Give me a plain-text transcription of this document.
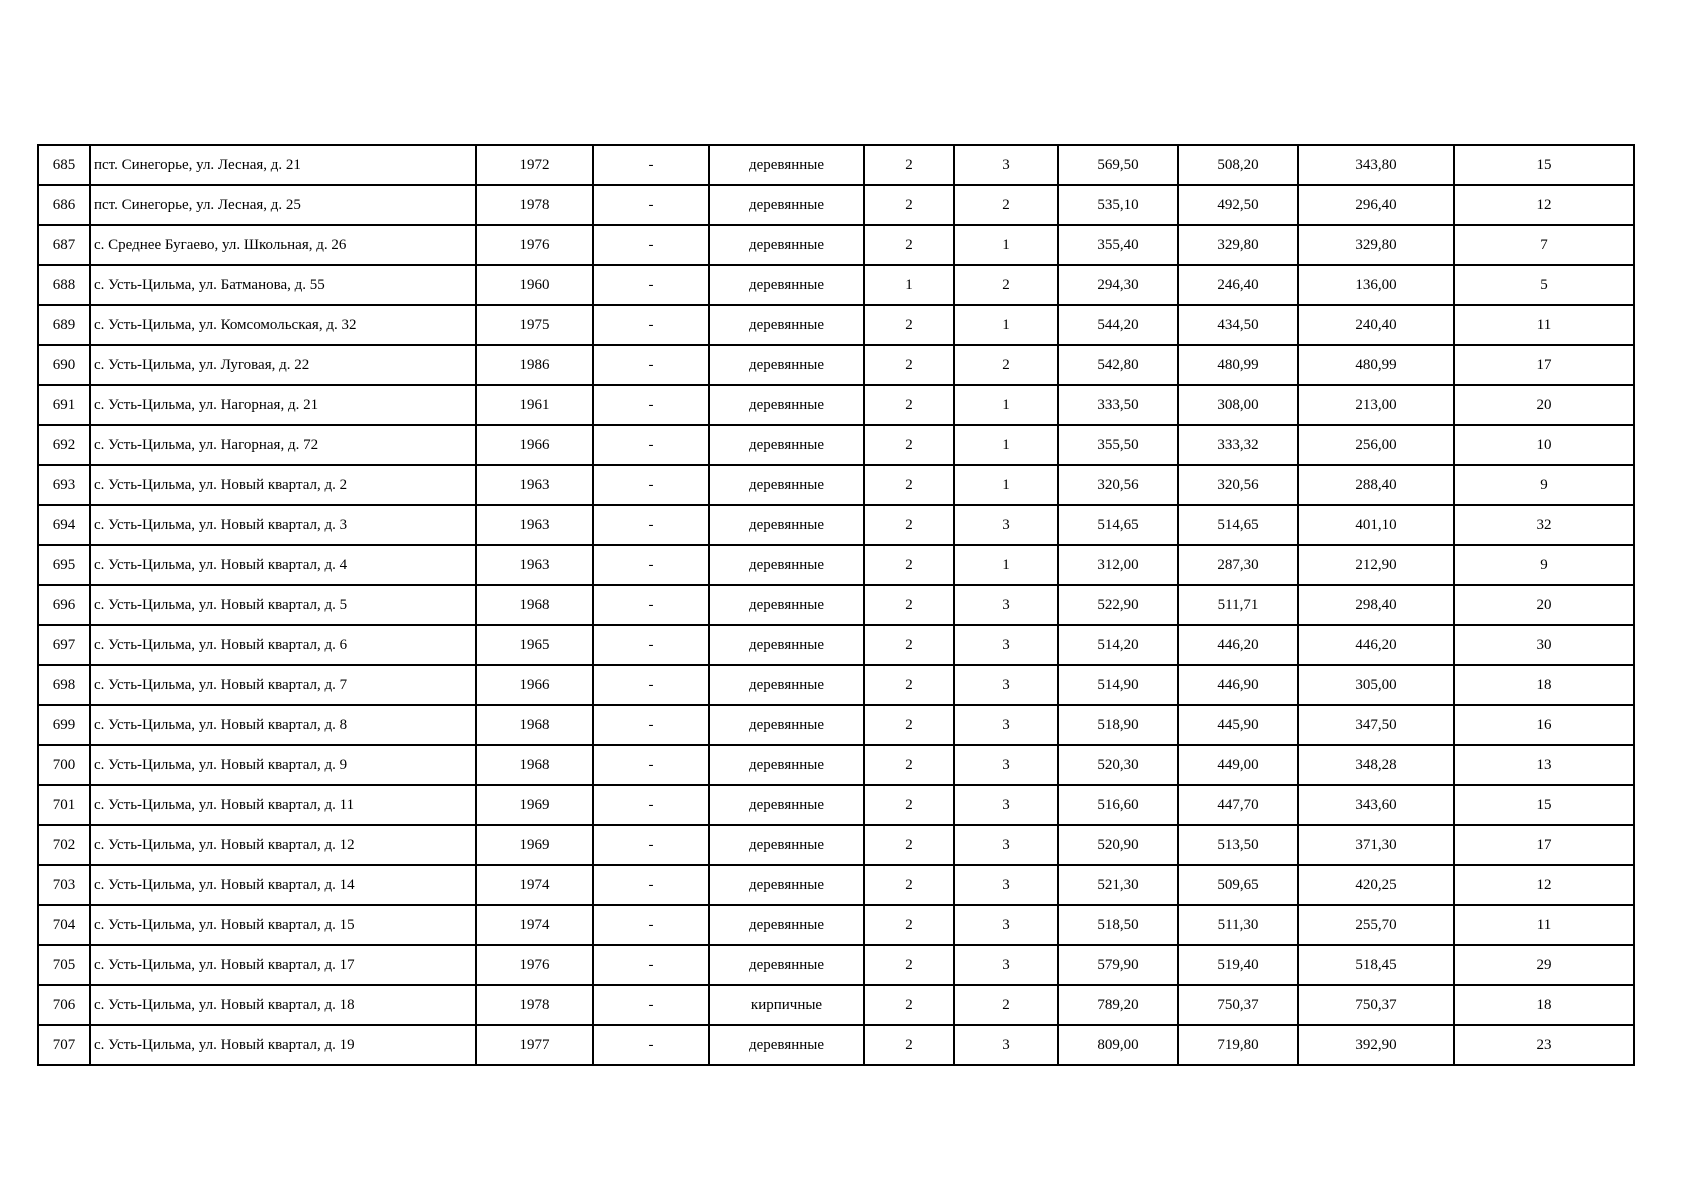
685	пст. Синегорье, ул. Лесная, д. 21	1972	-	деревянные	2	3	569,50	508,20	343,80	15
686	пст. Синегорье, ул. Лесная, д. 25	1978	-	деревянные	2	2	535,10	492,50	296,40	12
687	с. Среднее Бугаево, ул. Школьная, д. 26	1976	-	деревянные	2	1	355,40	329,80	329,80	7
688	с. Усть-Цильма, ул. Батманова, д. 55	1960	-	деревянные	1	2	294,30	246,40	136,00	5
689	с. Усть-Цильма, ул. Комсомольская, д. 32	1975	-	деревянные	2	1	544,20	434,50	240,40	11
690	с. Усть-Цильма, ул. Луговая, д. 22	1986	-	деревянные	2	2	542,80	480,99	480,99	17
691	с. Усть-Цильма, ул. Нагорная, д. 21	1961	-	деревянные	2	1	333,50	308,00	213,00	20
692	с. Усть-Цильма, ул. Нагорная, д. 72	1966	-	деревянные	2	1	355,50	333,32	256,00	10
693	с. Усть-Цильма, ул. Новый квартал, д. 2	1963	-	деревянные	2	1	320,56	320,56	288,40	9
694	с. Усть-Цильма, ул. Новый квартал, д. 3	1963	-	деревянные	2	3	514,65	514,65	401,10	32
695	с. Усть-Цильма, ул. Новый квартал, д. 4	1963	-	деревянные	2	1	312,00	287,30	212,90	9
696	с. Усть-Цильма, ул. Новый квартал, д. 5	1968	-	деревянные	2	3	522,90	511,71	298,40	20
697	с. Усть-Цильма, ул. Новый квартал, д. 6	1965	-	деревянные	2	3	514,20	446,20	446,20	30
698	с. Усть-Цильма, ул. Новый квартал, д. 7	1966	-	деревянные	2	3	514,90	446,90	305,00	18
699	с. Усть-Цильма, ул. Новый квартал, д. 8	1968	-	деревянные	2	3	518,90	445,90	347,50	16
700	с. Усть-Цильма, ул. Новый квартал, д. 9	1968	-	деревянные	2	3	520,30	449,00	348,28	13
701	с. Усть-Цильма, ул. Новый квартал, д. 11	1969	-	деревянные	2	3	516,60	447,70	343,60	15
702	с. Усть-Цильма, ул. Новый квартал, д. 12	1969	-	деревянные	2	3	520,90	513,50	371,30	17
703	с. Усть-Цильма, ул. Новый квартал, д. 14	1974	-	деревянные	2	3	521,30	509,65	420,25	12
704	с. Усть-Цильма, ул. Новый квартал, д. 15	1974	-	деревянные	2	3	518,50	511,30	255,70	11
705	с. Усть-Цильма, ул. Новый квартал, д. 17	1976	-	деревянные	2	3	579,90	519,40	518,45	29
706	с. Усть-Цильма, ул. Новый квартал, д. 18	1978	-	кирпичные	2	2	789,20	750,37	750,37	18
707	с. Усть-Цильма, ул. Новый квартал, д. 19	1977	-	деревянные	2	3	809,00	719,80	392,90	23
